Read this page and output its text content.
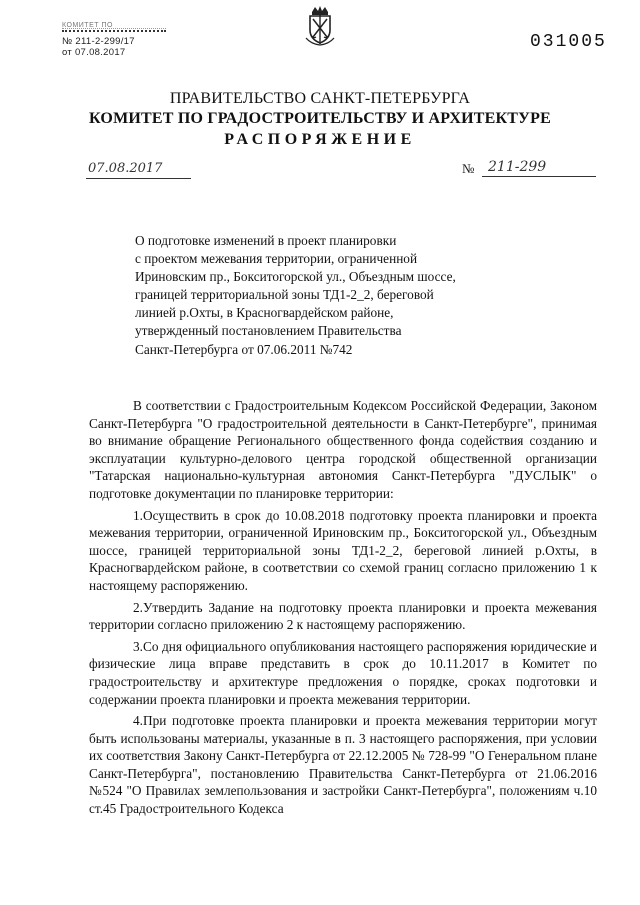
КОМИТЕТ ПО
№ 211-2-299/17
от 07.08.2017
031005
ПРАВИТЕЛЬСТВО САНКТ-ПЕТЕРБУРГА
КОМИТЕТ ПО ГРАДОСТРОИТЕЛЬСТВУ И АРХИТЕКТУРЕ
РАСПОРЯЖЕНИЕ
07.08.2017	№ 211-299
О подготовке изменений в проект планировки
с проектом межевания территории, ограниченной
Ириновским пр., Бокситогорской ул., Объездным шоссе,
границей территориальной зоны ТД1-2_2, береговой
линией р.Охты, в Красногвардейском районе,
утвержденный постановлением Правительства
Санкт-Петербурга от 07.06.2011 №742

В соответствии с Градостроительным Кодексом Российской Федерации, Законом Санкт-Петербурга "О градостроительной деятельности в Санкт-Петербурге", принимая во внимание обращение Регионального общественного фонда содействия созданию и эксплуатации культурно-делового центра городской общественной организации "Татарская национально-культурная автономия Санкт-Петербурга "ДУСЛЫК" о подготовке документации по планировке территории:

1.Осуществить в срок до 10.08.2018 подготовку проекта планировки и проекта межевания территории, ограниченной Ириновским пр., Бокситогорской ул., Объездным шоссе, границей территориальной зоны ТД1-2_2, береговой линией р.Охты, в Красногвардейском районе, в соответствии со схемой границ согласно приложению 1 к настоящему распоряжению.

2.Утвердить Задание на подготовку проекта планировки и проекта межевания территории согласно приложению 2 к настоящему распоряжению.

3.Со дня официального опубликования настоящего распоряжения юридические и физические лица вправе представить в срок до 10.11.2017 в Комитет по градостроительству и архитектуре предложения о порядке, сроках подготовки и содержании проекта планировки и проекта межевания территории.

4.При подготовке проекта планировки и проекта межевания территории могут быть использованы материалы, указанные в п. 3 настоящего распоряжения, при условии их соответствия Закону Санкт-Петербурга от 22.12.2005 № 728-99 "О Генеральном плане Санкт-Петербурга", постановлению Правительства Санкт-Петербурга от 21.06.2016 №524 "О Правилах землепользования и застройки Санкт-Петербурга", положениям ч.10 ст.45 Градостроительного Кодекса
